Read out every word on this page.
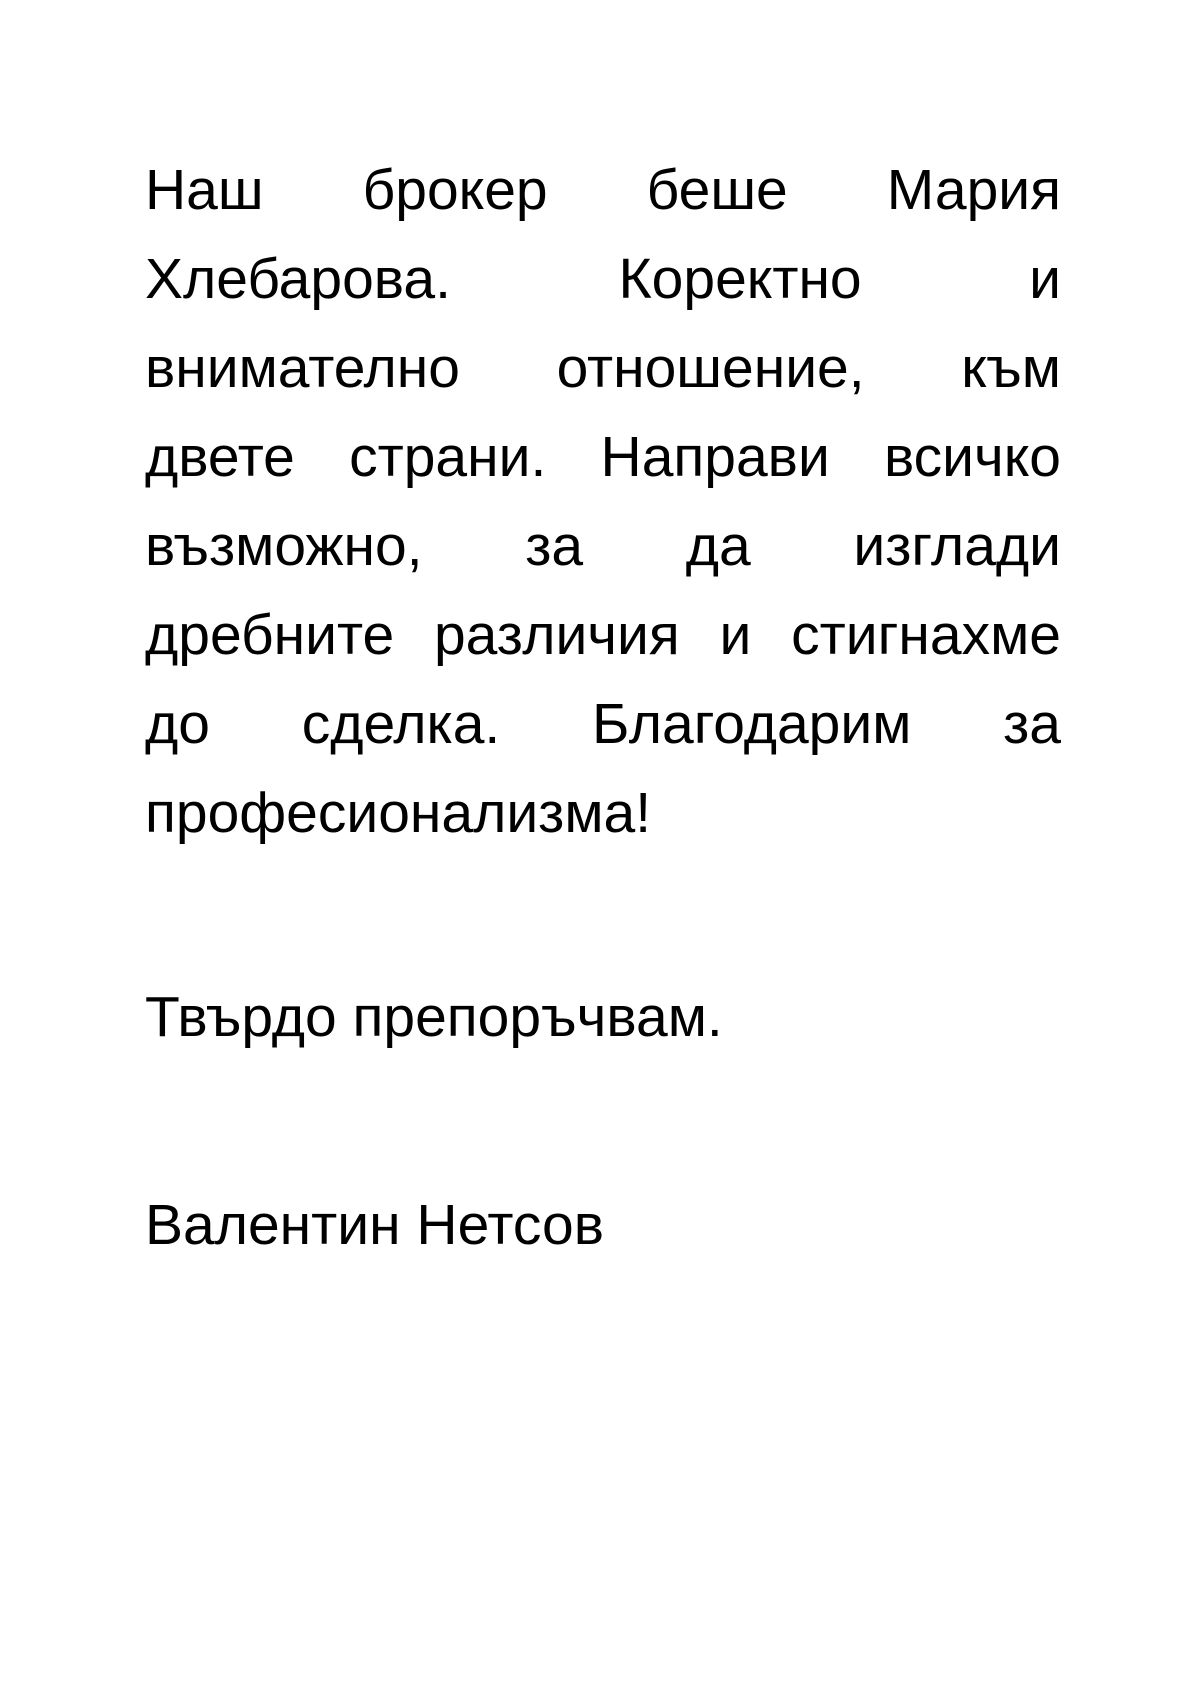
Наш брокер беше Мария
Хлебарова.	Коректно	и
внимателно отношение, към
двете страни. Направи всичко
възможно, за да изглади
дребните различия и стигнахме
до сделка. Благодарим за
професионализма!
Твърдо препоръчвам.
Валентин Нетсов
